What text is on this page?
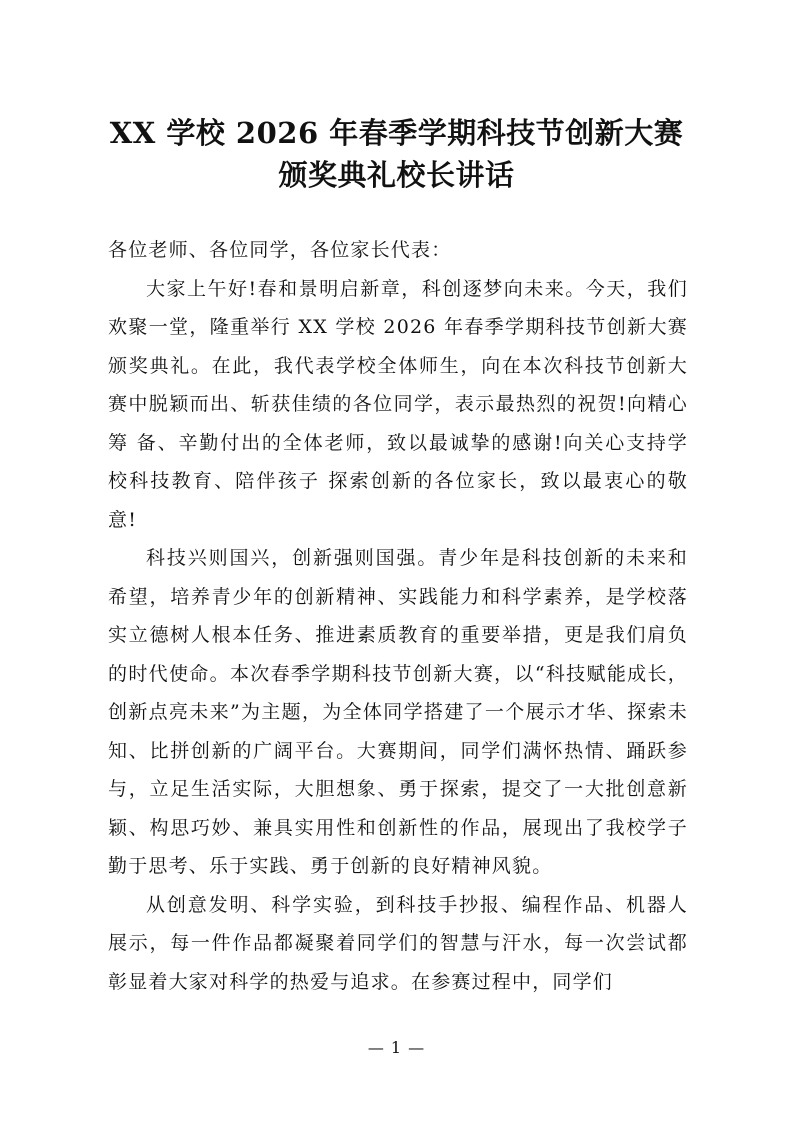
XX 学校 2026 年春季学期科技节创新大赛
颁奖典礼校长讲话

各位老师、各位同学，各位家长代表：

大家上午好!春和景明启新章，科创逐梦向未来。今天，我们欢聚一堂，隆重举行 XX 学校 2026 年春季学期科技节创新大赛颁奖典礼。在此，我代表学校全体师生，向在本次科技节创新大赛中脱颖而出、斩获佳绩的各位同学，表示最热烈的祝贺!向精心筹 备、辛勤付出的全体老师，致以最诚挚的感谢!向关心支持学校科技教育、陪伴孩子 探索创新的各位家长，致以最衷心的敬意!

科技兴则国兴，创新强则国强。青少年是科技创新的未来和希望，培养青少年的创新精神、实践能力和科学素养，是学校落实立德树人根本任务、推进素质教育的重要举措，更是我们肩负的时代使命。本次春季学期科技节创新大赛，以“科技赋能成长，创新点亮未来”为主题，为全体同学搭建了一个展示才华、探索未知、比拼创新的广阔平台。大赛期间，同学们满怀热情、踊跃参与，立足生活实际，大胆想象、勇于探索，提交了一大批创意新颖、构思巧妙、兼具实用性和创新性的作品，展现出了我校学子勤于思考、乐于实践、勇于创新的良好精神风貌。

从创意发明、科学实验，到科技手抄报、编程作品、机器人展示，每一件作品都凝聚着同学们的智慧与汗水，每一次尝试都彰显着大家对科学的热爱与追求。在参赛过程中，同学们

— 1 —
